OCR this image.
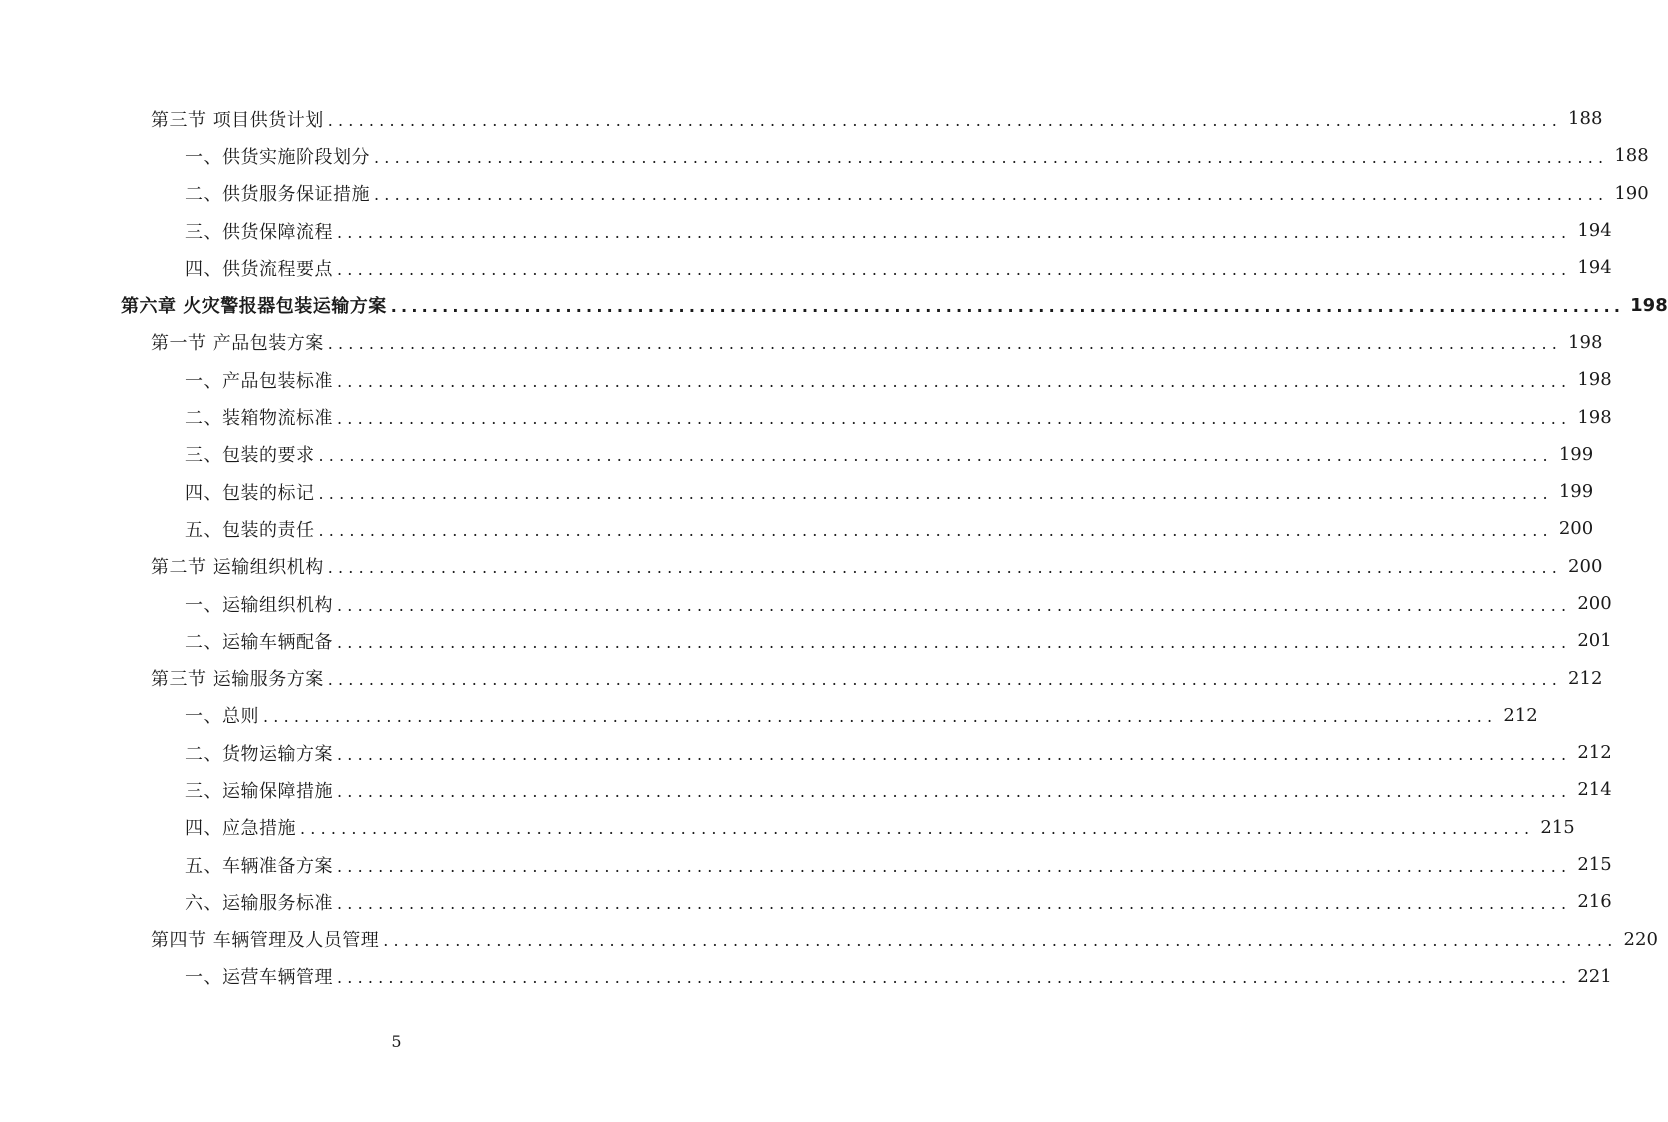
第三节 项目供货计划 ........................................................................................................................ 188
一、供货实施阶段划分 ........................................................................................................................ 188
二、供货服务保证措施 ........................................................................................................................ 190
三、供货保障流程 ........................................................................................................................ 194
四、供货流程要点 ........................................................................................................................ 194
第六章 火灾警报器包装运输方案 ........................................................................................................................ 198
第一节 产品包装方案 ........................................................................................................................ 198
一、产品包装标准 ........................................................................................................................ 198
二、装箱物流标准 ........................................................................................................................ 198
三、包装的要求 ........................................................................................................................ 199
四、包装的标记 ........................................................................................................................ 199
五、包装的责任 ........................................................................................................................ 200
第二节 运输组织机构 ........................................................................................................................ 200
一、运输组织机构 ........................................................................................................................ 200
二、运输车辆配备 ........................................................................................................................ 201
第三节 运输服务方案 ........................................................................................................................ 212
一、总则 ........................................................................................................................ 212
二、货物运输方案 ........................................................................................................................ 212
三、运输保障措施 ........................................................................................................................ 214
四、应急措施 ........................................................................................................................ 215
五、车辆准备方案 ........................................................................................................................ 215
六、运输服务标准 ........................................................................................................................ 216
第四节 车辆管理及人员管理 ........................................................................................................................ 220
一、运营车辆管理 ........................................................................................................................ 221
5
